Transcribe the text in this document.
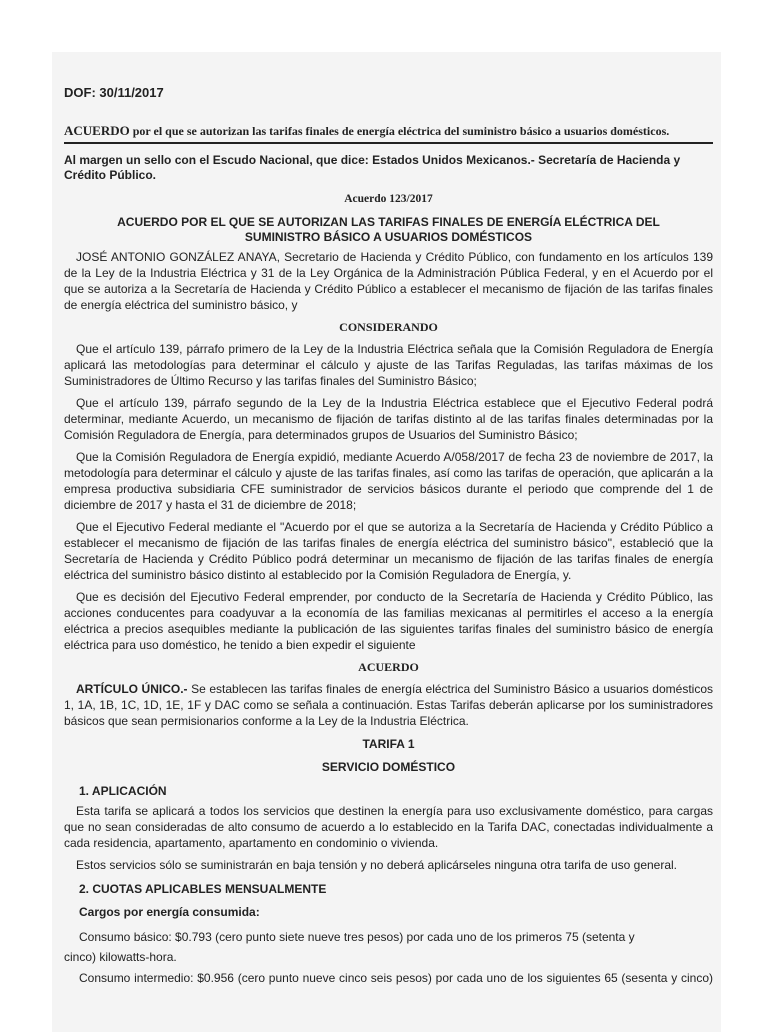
DOF: 30/11/2017
ACUERDO por el que se autorizan las tarifas finales de energía eléctrica del suministro básico a usuarios domésticos.
Al margen un sello con el Escudo Nacional, que dice: Estados Unidos Mexicanos.- Secretaría de Hacienda y Crédito Público.
Acuerdo 123/2017
ACUERDO POR EL QUE SE AUTORIZAN LAS TARIFAS FINALES DE ENERGÍA ELÉCTRICA DEL
SUMINISTRO BÁSICO A USUARIOS DOMÉSTICOS

JOSÉ ANTONIO GONZÁLEZ ANAYA, Secretario de Hacienda y Crédito Público, con fundamento en los artículos 139 de la Ley de la Industria Eléctrica y 31 de la Ley Orgánica de la Administración Pública Federal, y en el Acuerdo por el que se autoriza a la Secretaría de Hacienda y Crédito Público a establecer el mecanismo de fijación de las tarifas finales de energía eléctrica del suministro básico, y

CONSIDERANDO

Que el artículo 139, párrafo primero de la Ley de la Industria Eléctrica señala que la Comisión Reguladora de Energía aplicará las metodologías para determinar el cálculo y ajuste de las Tarifas Reguladas, las tarifas máximas de los Suministradores de Último Recurso y las tarifas finales del Suministro Básico;

Que el artículo 139, párrafo segundo de la Ley de la Industria Eléctrica establece que el Ejecutivo Federal podrá determinar, mediante Acuerdo, un mecanismo de fijación de tarifas distinto al de las tarifas finales determinadas por la Comisión Reguladora de Energía, para determinados grupos de Usuarios del Suministro Básico;

Que la Comisión Reguladora de Energía expidió, mediante Acuerdo A/058/2017 de fecha 23 de noviembre de 2017, la metodología para determinar el cálculo y ajuste de las tarifas finales, así como las tarifas de operación, que aplicarán a la empresa productiva subsidiaria CFE suministrador de servicios básicos durante el periodo que comprende del 1 de diciembre de 2017 y hasta el 31 de diciembre de 2018;

Que el Ejecutivo Federal mediante el "Acuerdo por el que se autoriza a la Secretaría de Hacienda y Crédito Público a establecer el mecanismo de fijación de las tarifas finales de energía eléctrica del suministro básico", estableció que la Secretaría de Hacienda y Crédito Público podrá determinar un mecanismo de fijación de las tarifas finales de energía eléctrica del suministro básico distinto al establecido por la Comisión Reguladora de Energía, y.

Que es decisión del Ejecutivo Federal emprender, por conducto de la Secretaría de Hacienda y Crédito Público, las acciones conducentes para coadyuvar a la economía de las familias mexicanas al permitirles el acceso a la energía eléctrica a precios asequibles mediante la publicación de las siguientes tarifas finales del suministro básico de energía eléctrica para uso doméstico, he tenido a bien expedir el siguiente

ACUERDO

ARTÍCULO ÚNICO.- Se establecen las tarifas finales de energía eléctrica del Suministro Básico a usuarios domésticos 1, 1A, 1B, 1C, 1D, 1E, 1F y DAC como se señala a continuación. Estas Tarifas deberán aplicarse por los suministradores básicos que sean permisionarios conforme a la Ley de la Industria Eléctrica.

TARIFA 1
SERVICIO DOMÉSTICO
1. APLICACIÓN

Esta tarifa se aplicará a todos los servicios que destinen la energía para uso exclusivamente doméstico, para cargas que no sean consideradas de alto consumo de acuerdo a lo establecido en la Tarifa DAC, conectadas individualmente a cada residencia, apartamento, apartamento en condominio o vivienda.

Estos servicios sólo se suministrarán en baja tensión y no deberá aplicárseles ninguna otra tarifa de uso general.

2. CUOTAS APLICABLES MENSUALMENTE
Cargos por energía consumida:
Consumo básico: $0.793 (cero punto siete nueve tres pesos) por cada uno de los primeros 75 (setenta y
cinco) kilowatts-hora.
Consumo intermedio: $0.956 (cero punto nueve cinco seis pesos) por cada uno de los siguientes 65 (sesenta y cinco)
